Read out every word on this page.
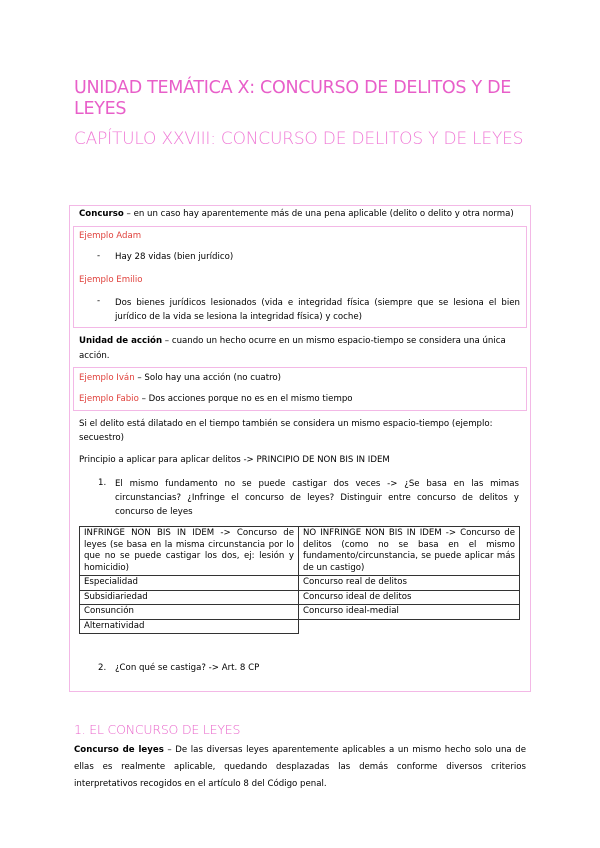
UNIDAD TEMÁTICA X: CONCURSO DE DELITOS Y DE LEYES
CAPÍTULO XXVIII: CONCURSO DE DELITOS Y DE LEYES
Concurso – en un caso hay aparentemente más de una pena aplicable (delito o delito y otra norma)
Ejemplo Adam
- Hay 28 vidas (bien jurídico)
Ejemplo Emilio
- Dos bienes jurídicos lesionados (vida e integridad física (siempre que se lesiona el bien jurídico de la vida se lesiona la integridad física) y coche)
Unidad de acción – cuando un hecho ocurre en un mismo espacio-tiempo se considera una única acción.
Ejemplo Iván – Solo hay una acción (no cuatro)
Ejemplo Fabio – Dos acciones porque no es en el mismo tiempo
Si el delito está dilatado en el tiempo también se considera un mismo espacio-tiempo (ejemplo: secuestro)
Principio a aplicar para aplicar delitos -> PRINCIPIO DE NON BIS IN IDEM
1. El mismo fundamento no se puede castigar dos veces -> ¿Se basa en las mimas circunstancias? ¿Infringe el concurso de leyes? Distinguir entre concurso de delitos y concurso de leyes
INFRINGE NON BIS IN IDEM -> Concurso de leyes (se basa en la misma circunstancia por lo que no se puede castigar los dos, ej: lesión y homicidio)	NO INFRINGE NON BIS IN IDEM -> Concurso de delitos (como no se basa en el mismo fundamento/circunstancia, se puede aplicar más de un castigo)
Especialidad	Concurso real de delitos
Subsidiariedad	Concurso ideal de delitos
Consunción	Concurso ideal-medial
Alternatividad	
2. ¿Con qué se castiga? -> Art. 8 CP
1. EL CONCURSO DE LEYES
Concurso de leyes – De las diversas leyes aparentemente aplicables a un mismo hecho solo una de ellas es realmente aplicable, quedando desplazadas las demás conforme diversos criterios interpretativos recogidos en el artículo 8 del Código penal.
